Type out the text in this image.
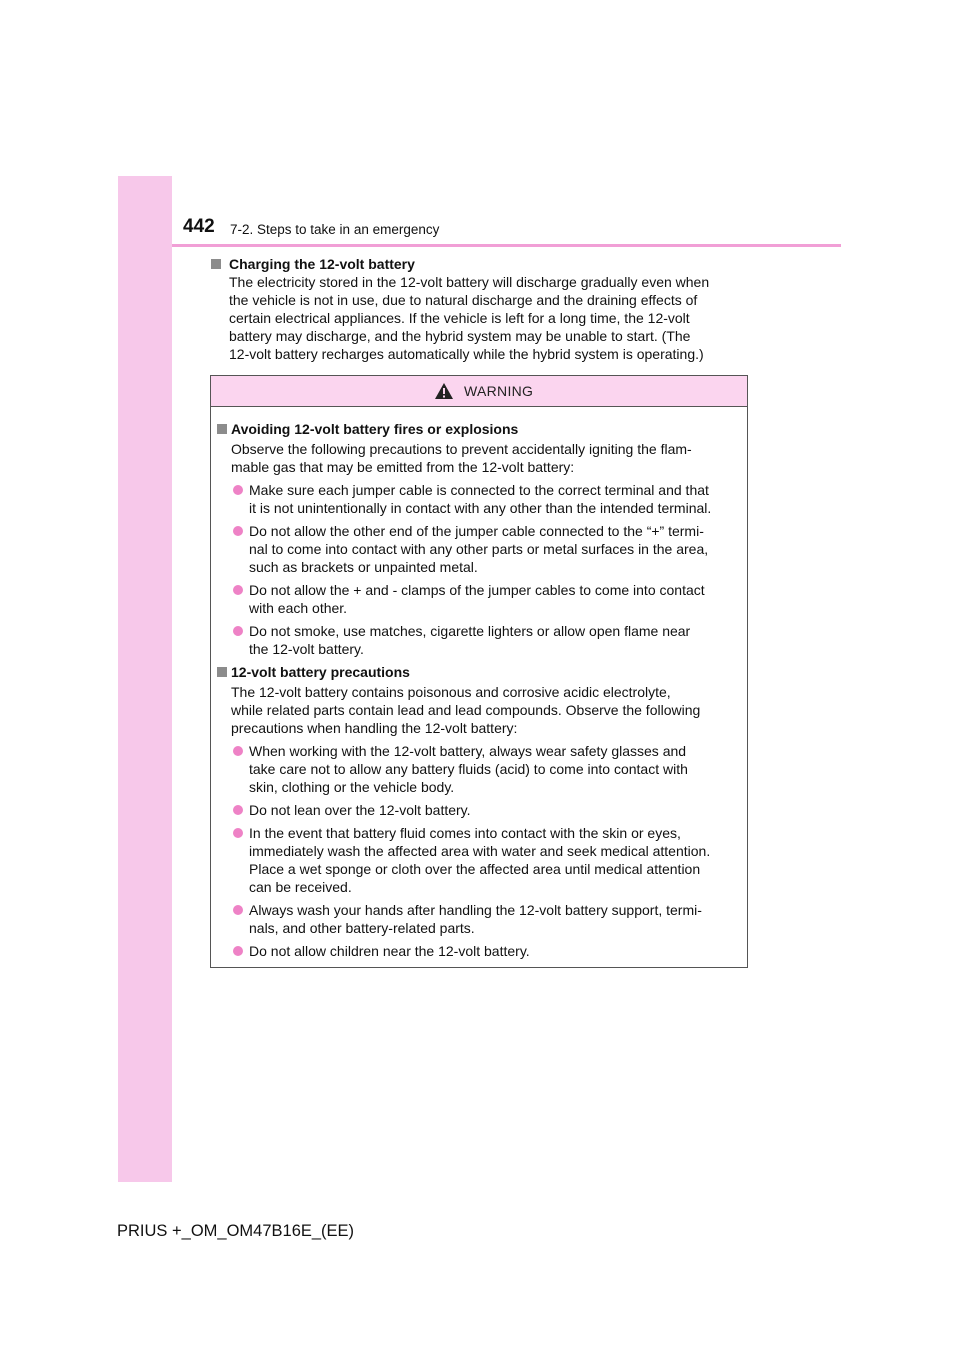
442 7-2. Steps to take in an emergency
Charging the 12-volt battery
The electricity stored in the 12-volt battery will discharge gradually even when
the vehicle is not in use, due to natural discharge and the draining effects of
certain electrical appliances. If the vehicle is left for a long time, the 12-volt
battery may discharge, and the hybrid system may be unable to start. (The
12-volt battery recharges automatically while the hybrid system is operating.)
WARNING
Avoiding 12-volt battery fires or explosions
Observe the following precautions to prevent accidentally igniting the flam-
mable gas that may be emitted from the 12-volt battery:
Make sure each jumper cable is connected to the correct terminal and that
it is not unintentionally in contact with any other than the intended terminal.
Do not allow the other end of the jumper cable connected to the “+” termi-
nal to come into contact with any other parts or metal surfaces in the area,
such as brackets or unpainted metal.
Do not allow the + and - clamps of the jumper cables to come into contact
with each other.
Do not smoke, use matches, cigarette lighters or allow open flame near
the 12-volt battery.
12-volt battery precautions
The 12-volt battery contains poisonous and corrosive acidic electrolyte,
while related parts contain lead and lead compounds. Observe the following
precautions when handling the 12-volt battery:
When working with the 12-volt battery, always wear safety glasses and
take care not to allow any battery fluids (acid) to come into contact with
skin, clothing or the vehicle body.
Do not lean over the 12-volt battery.
In the event that battery fluid comes into contact with the skin or eyes,
immediately wash the affected area with water and seek medical attention.
Place a wet sponge or cloth over the affected area until medical attention
can be received.
Always wash your hands after handling the 12-volt battery support, termi-
nals, and other battery-related parts.
Do not allow children near the 12-volt battery.
PRIUS +_OM_OM47B16E_(EE)
